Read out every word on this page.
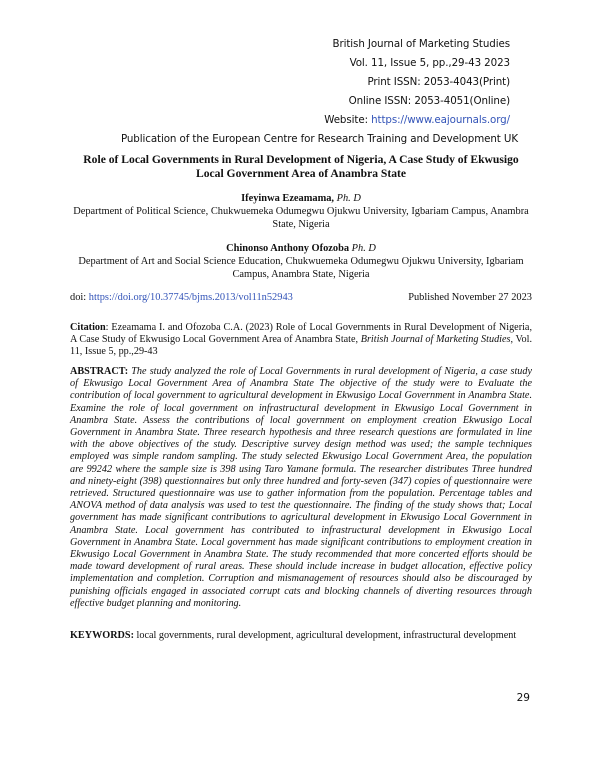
British Journal of Marketing Studies
Vol. 11, Issue 5, pp.,29-43 2023
Print ISSN: 2053-4043(Print)
Online ISSN: 2053-4051(Online)
Website: https://www.eajournals.org/
Publication of the European Centre for Research Training and Development UK
Role of Local Governments in Rural Development of Nigeria, A Case Study of Ekwusigo Local Government Area of Anambra State
Ifeyinwa Ezeamama, Ph. D
Department of Political Science, Chukwuemeka Odumegwu Ojukwu University, Igbariam Campus, Anambra State, Nigeria
Chinonso Anthony Ofozoba Ph. D
Department of Art and Social Science Education, Chukwuemeka Odumegwu Ojukwu University, Igbariam Campus, Anambra State, Nigeria
doi: https://doi.org/10.37745/bjms.2013/vol11n52943	Published November 27 2023
Citation: Ezeamama I. and Ofozoba C.A. (2023) Role of Local Governments in Rural Development of Nigeria, A Case Study of Ekwusigo Local Government Area of Anambra State, British Journal of Marketing Studies, Vol. 11, Issue 5, pp.,29-43
ABSTRACT: The study analyzed the role of Local Governments in rural development of Nigeria, a case study of Ekwusigo Local Government Area of Anambra State The objective of the study were to Evaluate the contribution of local government to agricultural development in Ekwusigo Local Government in Anambra State. Examine the role of local government on infrastructural development in Ekwusigo Local Government in Anambra State. Assess the contributions of local government on employment creation Ekwusigo Local Government in Anambra State. Three research hypothesis and three research questions are formulated in line with the above objectives of the study. Descriptive survey design method was used; the sample techniques employed was simple random sampling. The study selected Ekwusigo Local Government Area, the population are 99242 where the sample size is 398 using Taro Yamane formula. The researcher distributes Three hundred and ninety-eight (398) questionnaires but only three hundred and forty-seven (347) copies of questionnaire were retrieved. Structured questionnaire was use to gather information from the population. Percentage tables and ANOVA method of data analysis was used to test the questionnaire. The finding of the study shows that; Local government has made significant contributions to agricultural development in Ekwusigo Local Government in Anambra State. Local government has contributed to infrastructural development in Ekwusigo Local Government in Anambra State. Local government has made significant contributions to employment creation in Ekwusigo Local Government in Anambra State. The study recommended that more concerted efforts should be made toward development of rural areas. These should include increase in budget allocation, effective policy implementation and completion. Corruption and mismanagement of resources should also be discouraged by punishing officials engaged in associated corrupt cats and blocking channels of diverting resources through effective budget planning and monitoring.
KEYWORDS: local governments, rural development, agricultural development, infrastructural development
29
